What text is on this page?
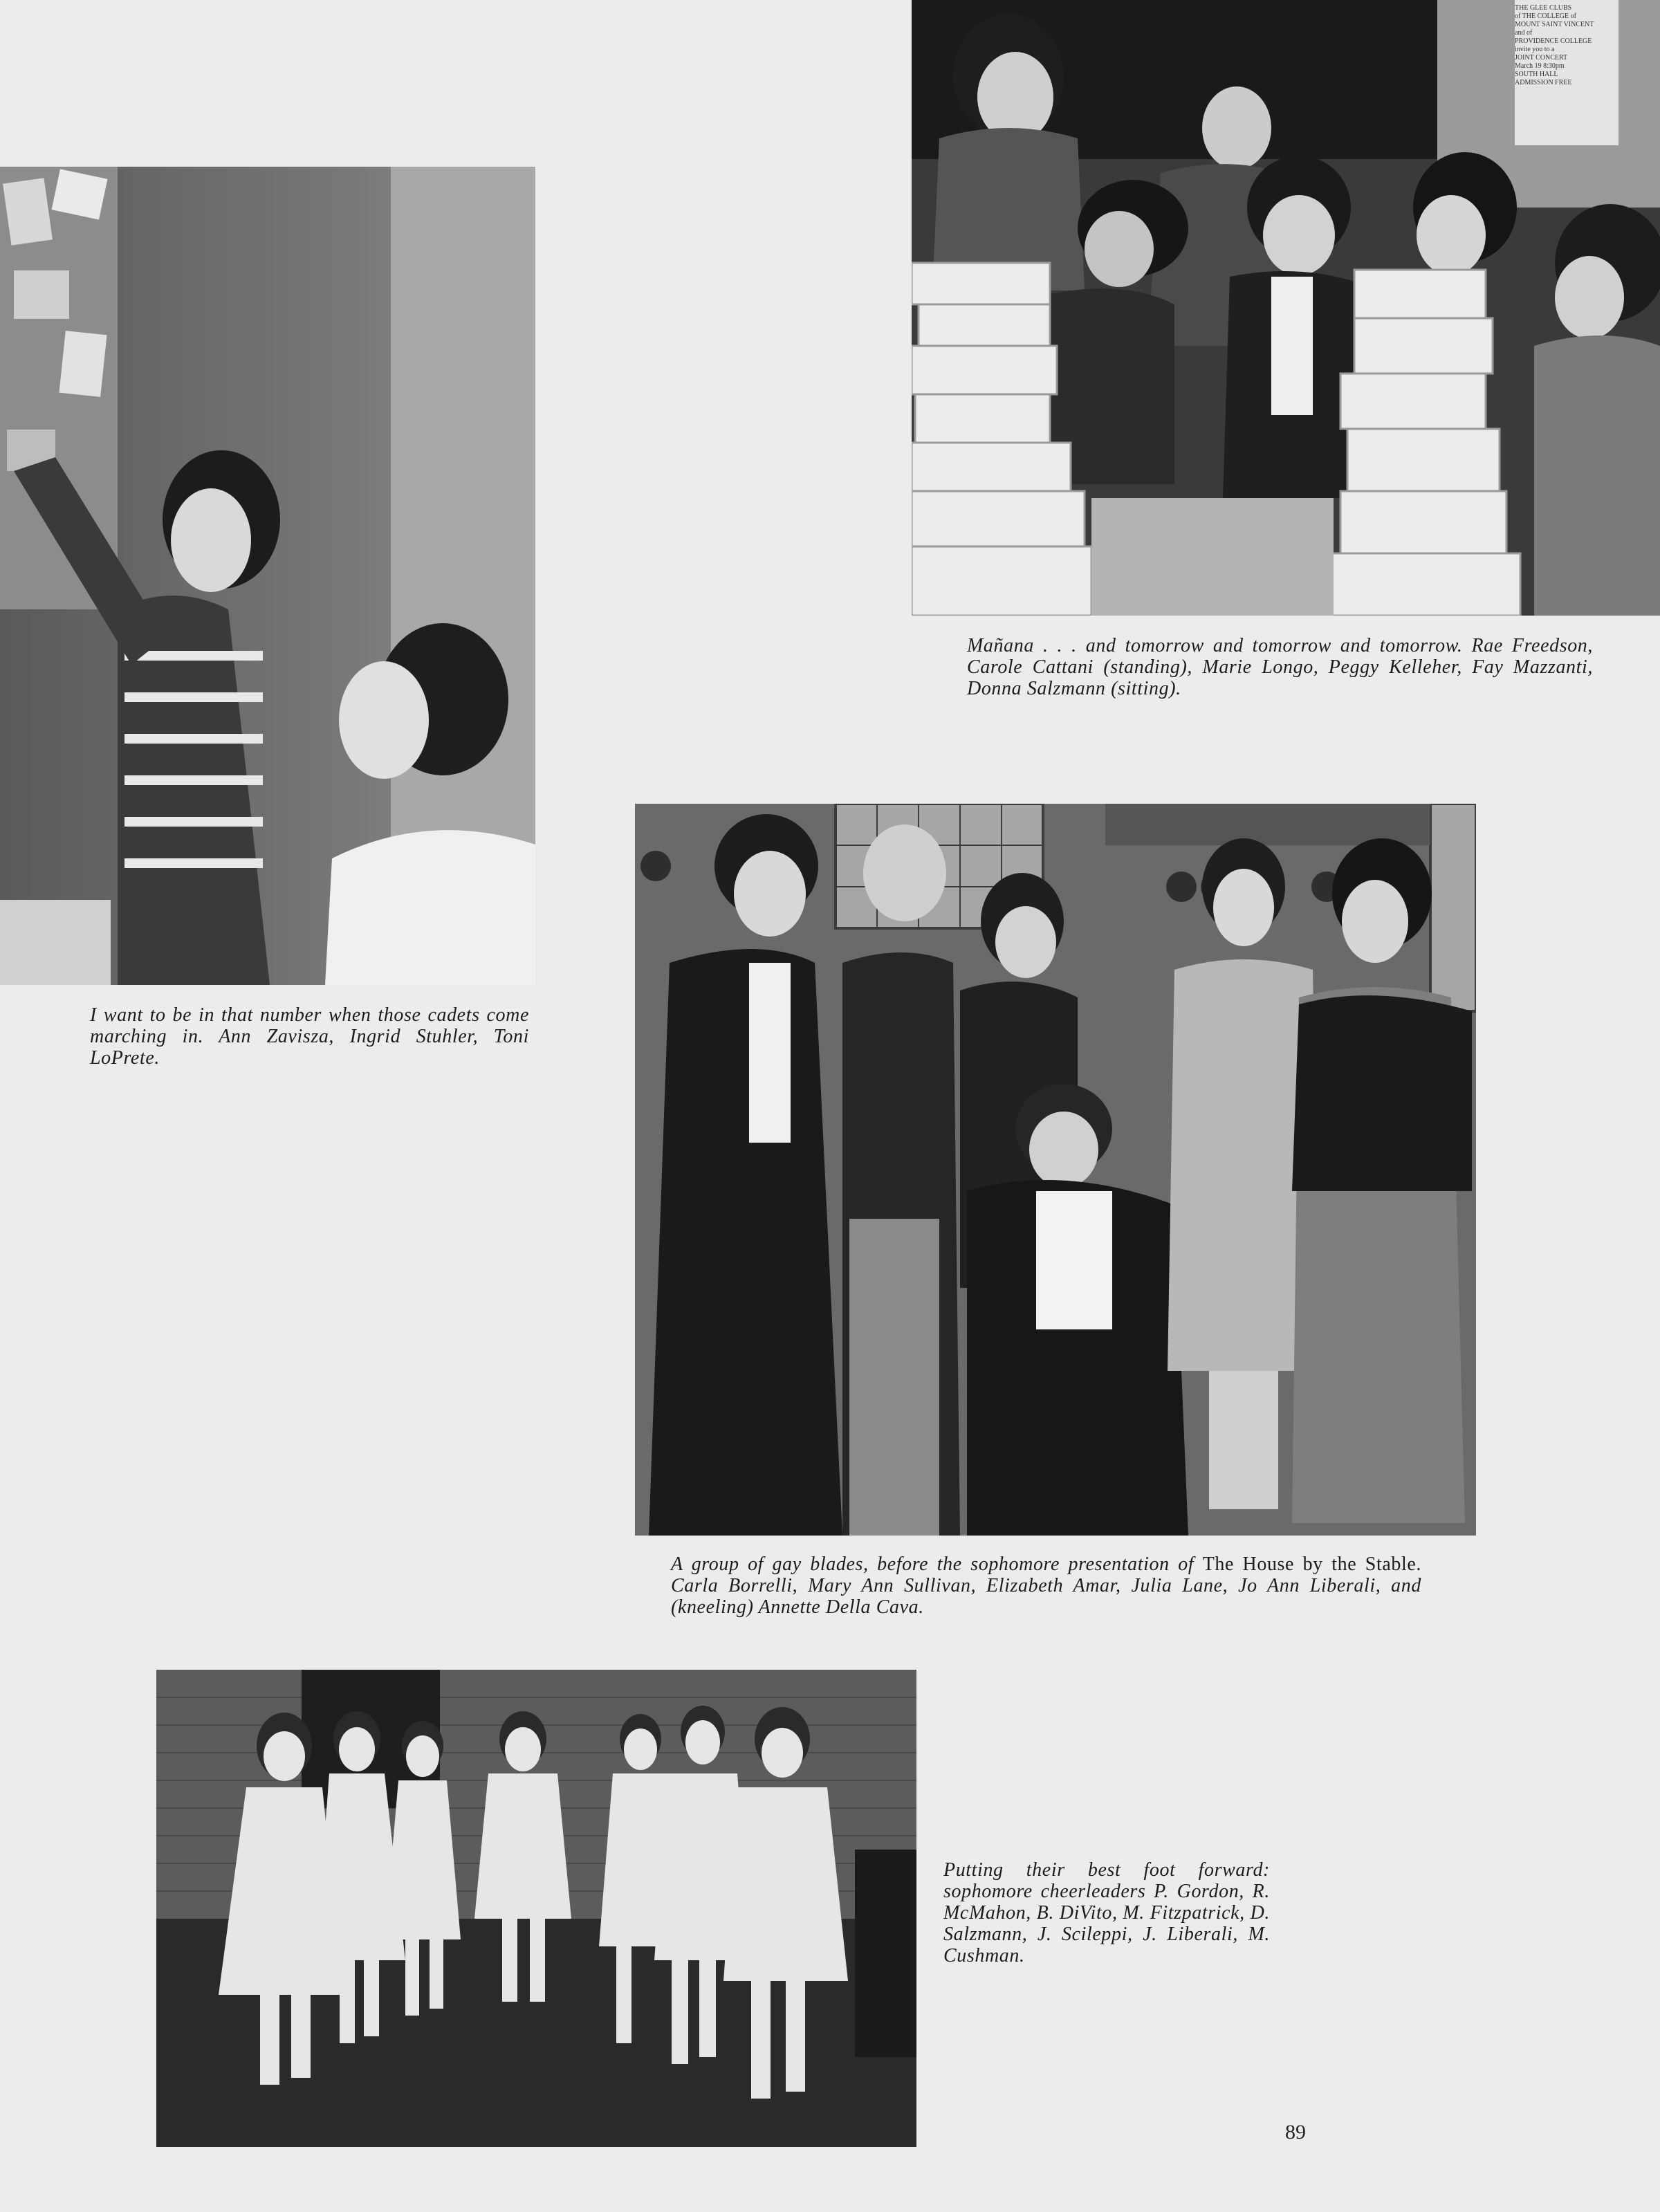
I want to be in that number when those cadets come marching in. Ann Zavisza, Ingrid Stuhler, Toni LoPrete.
THE GLEE CLUBS
of THE COLLEGE of
MOUNT SAINT VINCENT
and of
PROVIDENCE COLLEGE
invite you to a
JOINT CONCERT
March 19 8:30pm
SOUTH HALL
ADMISSION FREE
Mañana . . . and tomorrow and tomorrow and tomorrow. Rae Freedson, Carole Cattani (standing), Marie Longo, Peggy Kelleher, Fay Mazzanti, Donna Salzmann (sitting).
A group of gay blades, before the sophomore presentation of The House by the Stable. Carla Borrelli, Mary Ann Sullivan, Elizabeth Amar, Julia Lane, Jo Ann Liberali, and (kneeling) Annette Della Cava.
Putting their best foot forward: sophomore cheerleaders P. Gordon, R. McMahon, B. DiVito, M. Fitzpatrick, D. Salzmann, J. Scileppi, J. Liberali, M. Cushman.
89
